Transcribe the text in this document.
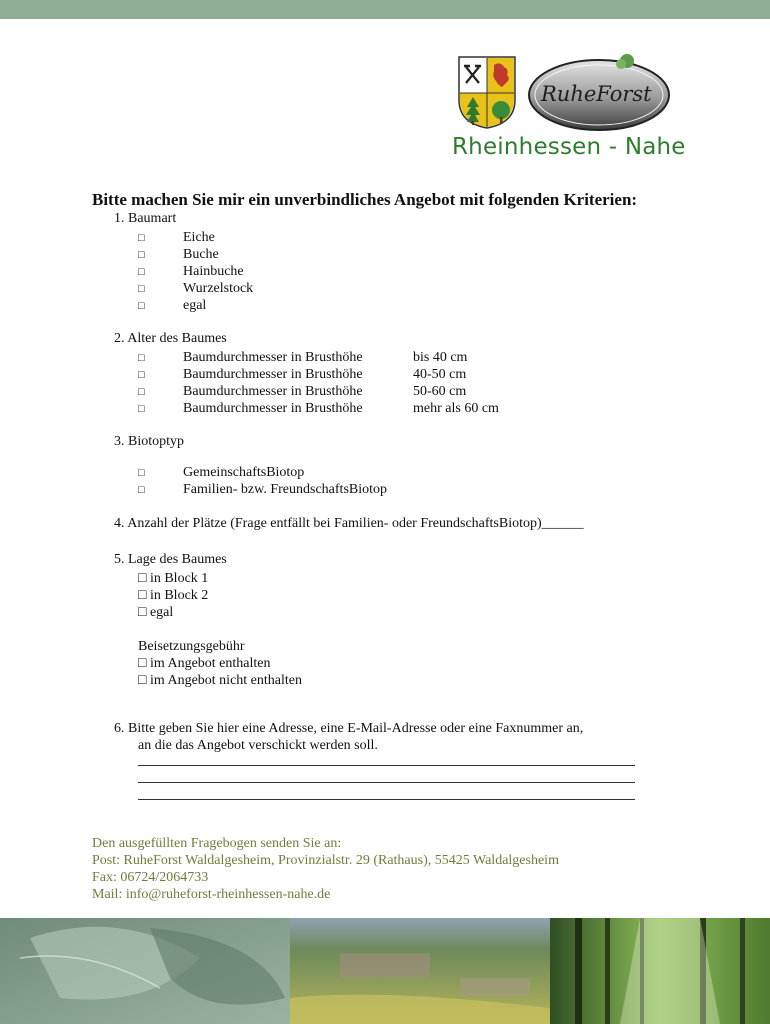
RuheForst
Rheinhessen - Nahe
Bitte machen Sie mir ein unverbindliches Angebot mit folgenden Kriterien:
1. Baumart
□	Eiche
□	Buche
□	Hainbuche
□	Wurzelstock
□	egal
2. Alter des Baumes
□	Baumdurchmesser in Brusthöhe	bis 40 cm
□	Baumdurchmesser in Brusthöhe	40-50 cm
□	Baumdurchmesser in Brusthöhe	50-60 cm
□	Baumdurchmesser in Brusthöhe	mehr als 60 cm
3. Biotoptyp
□	GemeinschaftsBiotop
□	Familien- bzw. FreundschaftsBiotop
4. Anzahl der Plätze (Frage entfällt bei Familien- oder FreundschaftsBiotop)______
5. Lage des Baumes
□ in Block 1
□ in Block 2
□ egal
Beisetzungsgebühr
□ im Angebot enthalten
□ im Angebot nicht enthalten
6. Bitte geben Sie hier eine Adresse, eine E-Mail-Adresse oder eine Faxnummer an,
an die das Angebot verschickt werden soll.
Den ausgefüllten Fragebogen senden Sie an:
Post: RuheForst Waldalgesheim, Provinzialstr. 29 (Rathaus), 55425 Waldalgesheim
Fax: 06724/2064733
Mail: info@ruheforst-rheinhessen-nahe.de
